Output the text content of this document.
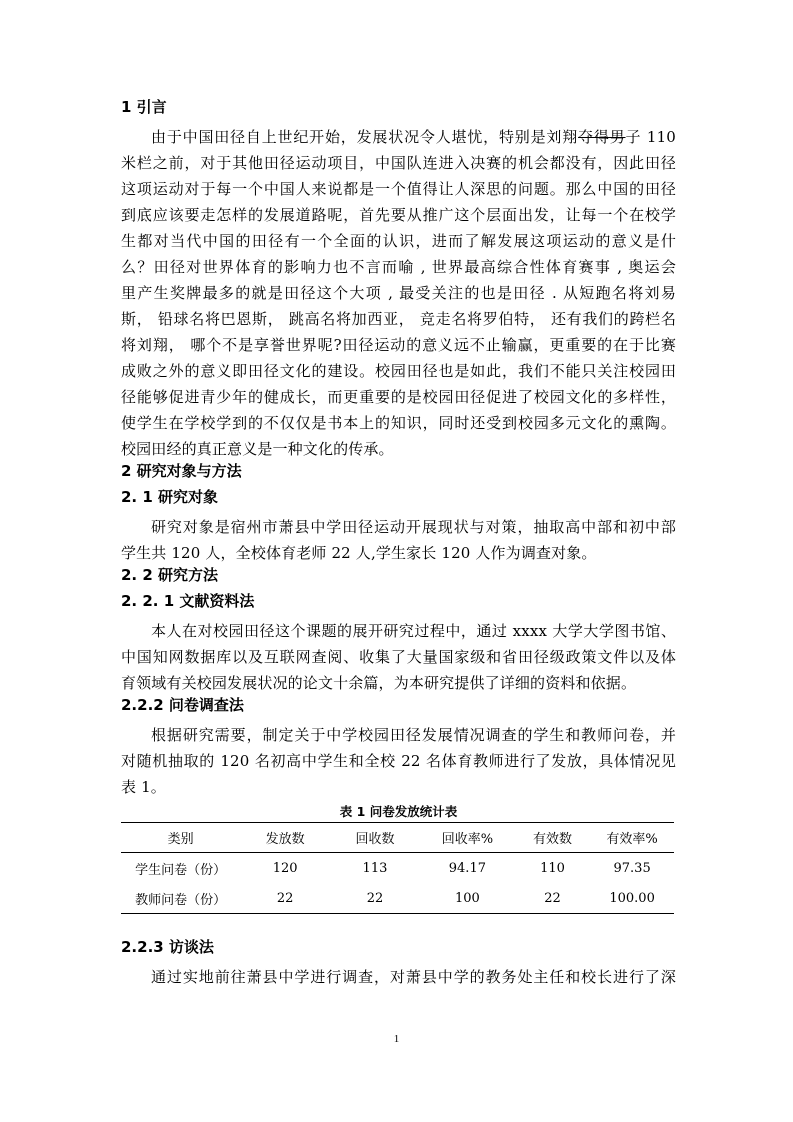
1 引言
由于中国田径自上世纪开始，发展状况令人堪忧，特别是刘翔夺得男子 110
米栏之前，对于其他田径运动项目，中国队连进入决赛的机会都没有，因此田径
这项运动对于每一个中国人来说都是一个值得让人深思的问题。那么中国的田径
到底应该要走怎样的发展道路呢，首先要从推广这个层面出发，让每一个在校学
生都对当代中国的田径有一个全面的认识，进而了解发展这项运动的意义是什
么？田径对世界体育的影响力也不言而喻 , 世界最高综合性体育赛事 , 奥运会
里产生奖牌最多的就是田径这个大项 , 最受关注的也是田径 . 从短跑名将刘易
斯， 铅球名将巴恩斯， 跳高名将加西亚， 竞走名将罗伯特， 还有我们的跨栏名
将刘翔， 哪个不是享誉世界呢?田径运动的意义远不止输赢，更重要的在于比赛
成败之外的意义即田径文化的建设。校园田径也是如此，我们不能只关注校园田
径能够促进青少年的健成长，而更重要的是校园田径促进了校园文化的多样性，
使学生在学校学到的不仅仅是书本上的知识，同时还受到校园多元文化的熏陶。
校园田经的真正意义是一种文化的传承。
2 研究对象与方法
2. 1 研究对象
研究对象是宿州市萧县中学田径运动开展现状与对策，抽取高中部和初中部
学生共 120 人，全校体育老师 22 人,学生家长 120 人作为调查对象。
2. 2 研究方法
2. 2. 1 文献资料法
本人在对校园田径这个课题的展开研究过程中，通过 xxxx 大学大学图书馆、
中国知网数据库以及互联网查阅、收集了大量国家级和省田径级政策文件以及体
育领域有关校园发展状况的论文十余篇，为本研究提供了详细的资料和依据。
2.2.2 问卷调查法
根据研究需要，制定关于中学校园田径发展情况调查的学生和教师问卷，并
对随机抽取的 120 名初高中学生和全校 22 名体育教师进行了发放，具体情况见
表 1。
表 1 问卷发放统计表
类别	发放数	回收数	回收率%	有效数	有效率%
学生问卷（份）	120	113	94.17	110	97.35
教师问卷（份）	22	22	100	22	100.00
2.2.3 访谈法
通过实地前往萧县中学进行调查，对萧县中学的教务处主任和校长进行了深
1
